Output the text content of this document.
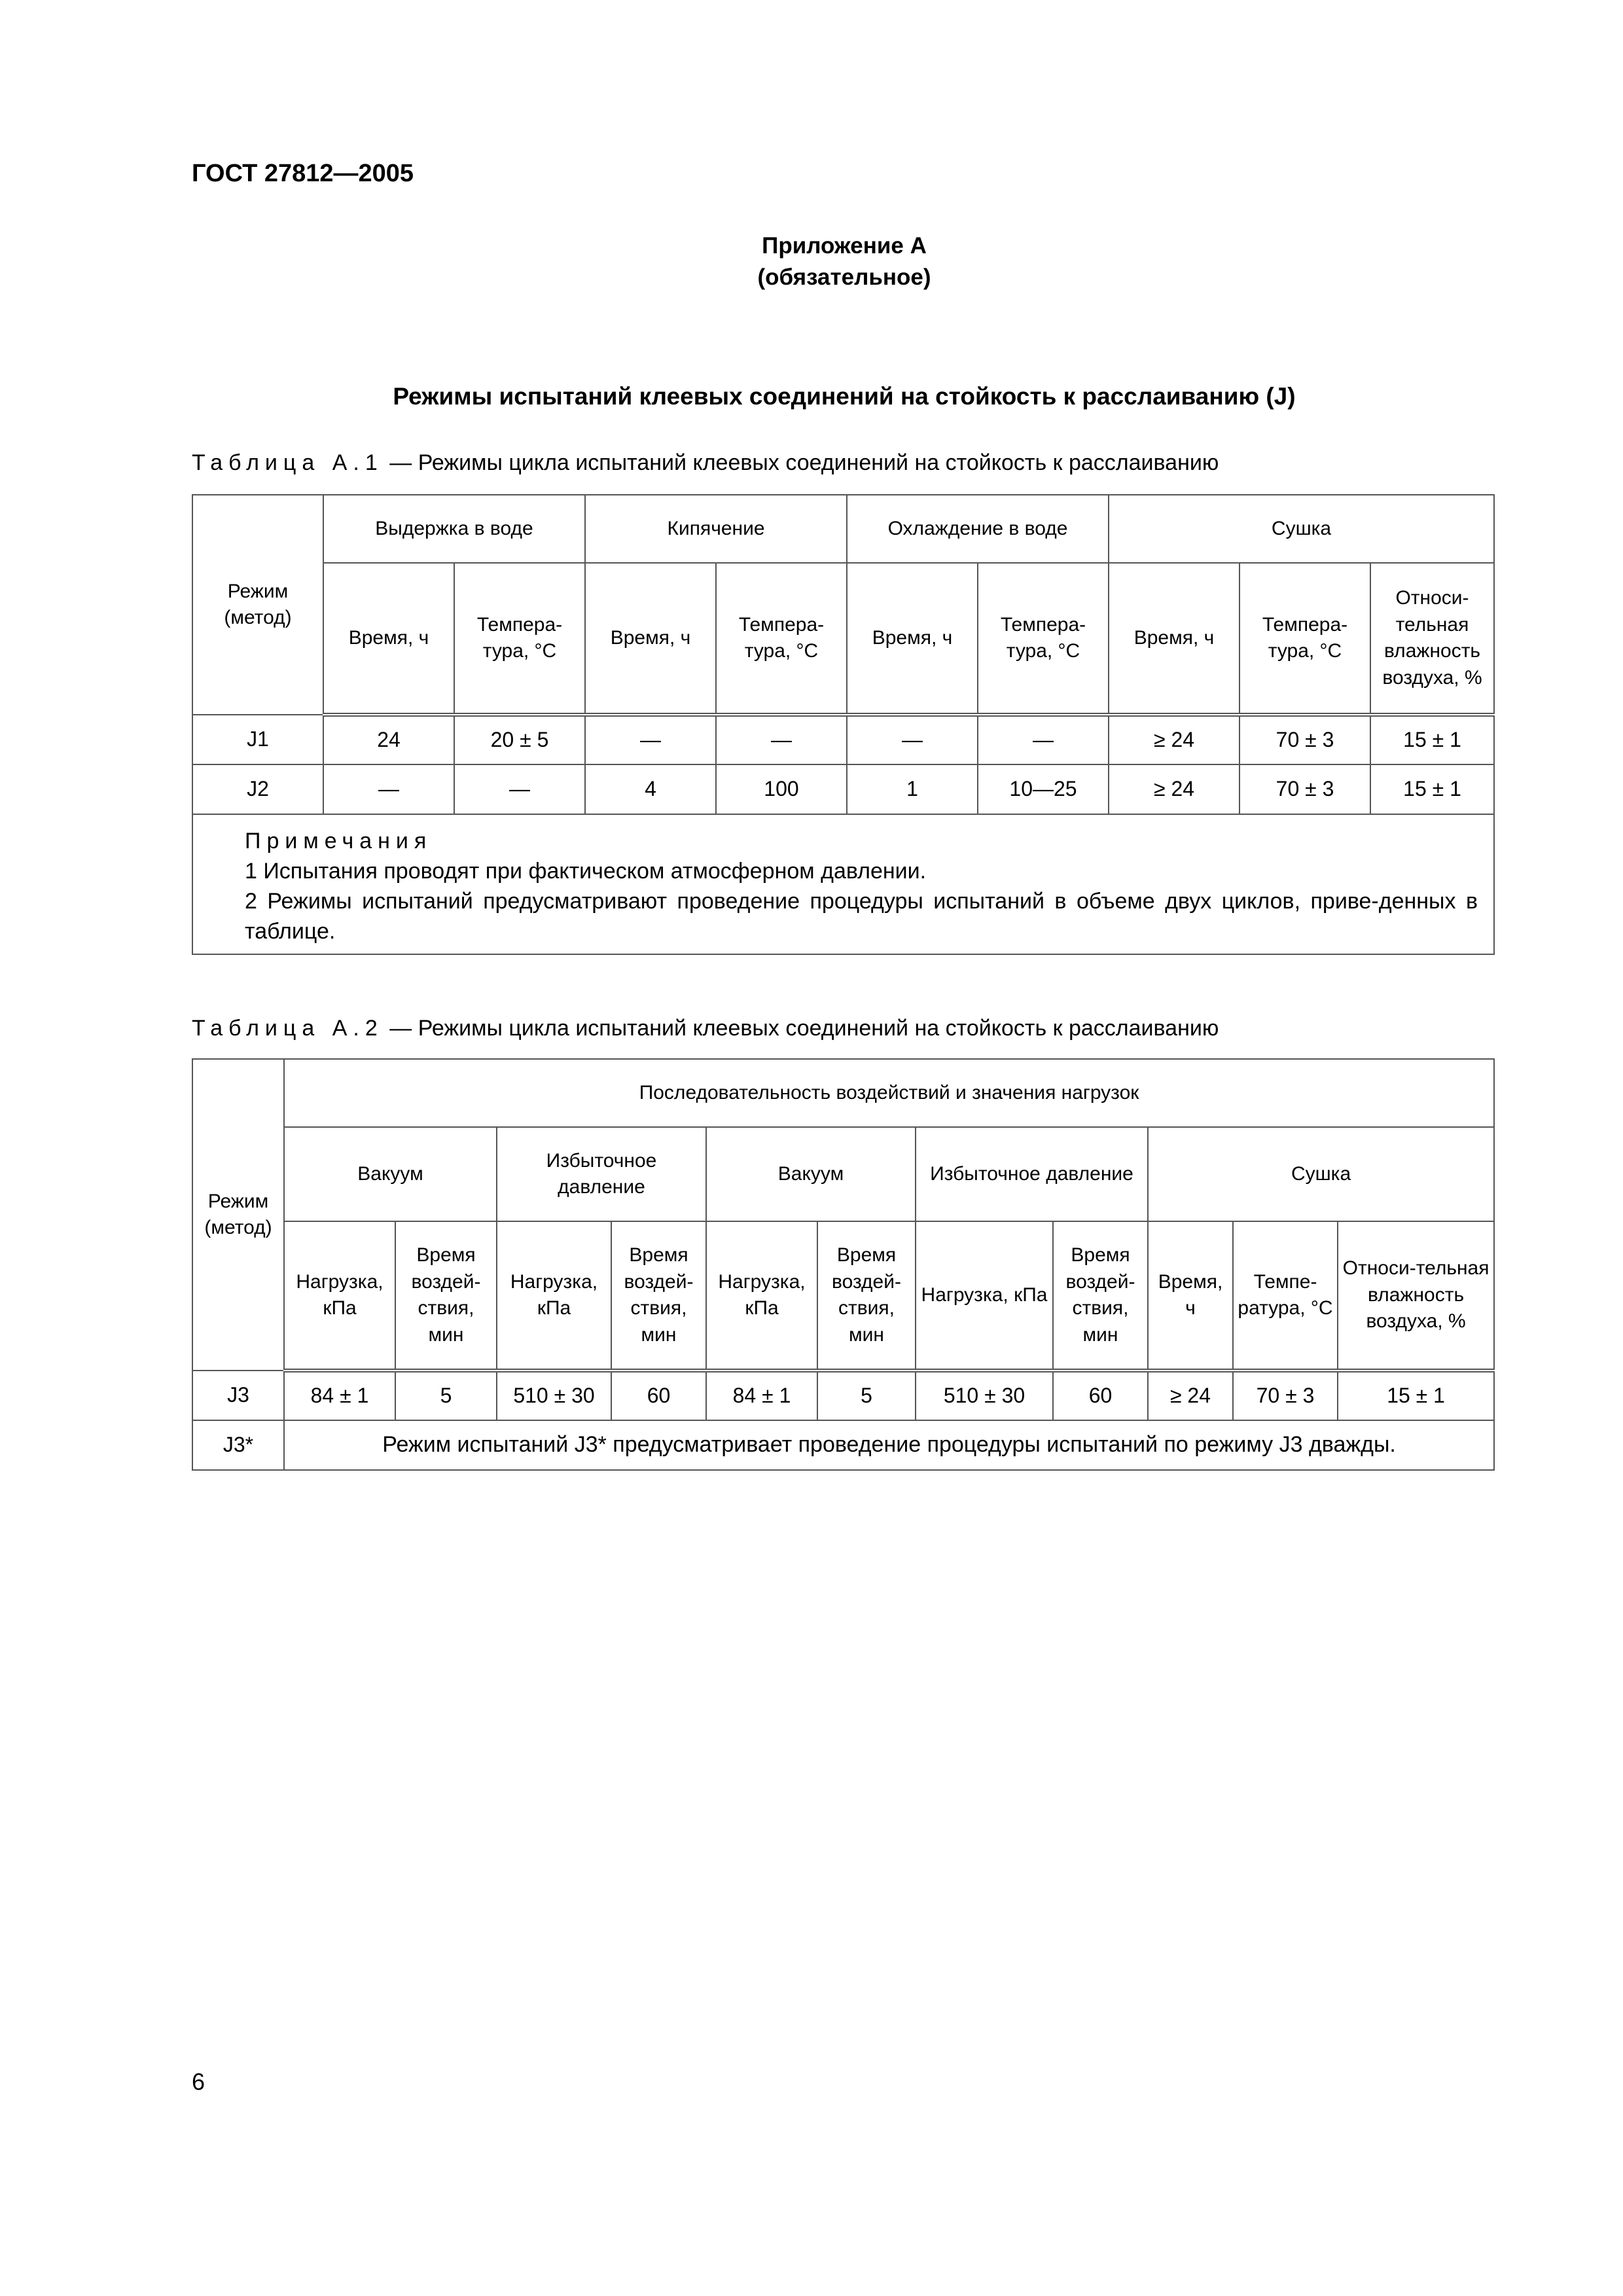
ГОСТ 27812—2005
Приложение А
(обязательное)
Режимы испытаний клеевых соединений на стойкость к расслаиванию (J)
Таблица А.1 — Режимы цикла испытаний клеевых соединений на стойкость к расслаиванию
Режим (метод)	Выдержка в воде		Кипячение		Охлаждение в воде		Сушка		
	Время, ч	Темпера-тура, °С	Время, ч	Темпера-тура, °С	Время, ч	Темпера-тура, °С	Время, ч	Темпера-тура, °С	Относи-тельная влажность воздуха, %
J1	24	20 ± 5	—	—	—	—	≥ 24	70 ± 3	15 ± 1
J2	—	—	4	100	1	10—25	≥ 24	70 ± 3	15 ± 1

Примечания
1 Испытания проводят при фактическом атмосферном давлении.
2 Режимы испытаний предусматривают проведение процедуры испытаний в объеме двух циклов, приве-денных в таблице.									
Таблица А.2 — Режимы цикла испытаний клеевых соединений на стойкость к расслаиванию
Режим (метод)	Последовательность воздействий и значения нагрузок										
	Вакуум		Избыточное давление		Вакуум		Избыточное давление		Сушка		
	Нагрузка, кПа	Время воздей-ствия, мин	Нагрузка, кПа	Время воздей-ствия, мин	Нагрузка, кПа	Время воздей-ствия, мин	Нагрузка, кПа	Время воздей-ствия, мин	Время, ч	Темпе-ратура, °С	Относи-тельная влажность воздуха, %
J3	84 ± 1	5	510 ± 30	60	84 ± 1	5	510 ± 30	60	≥ 24	70 ± 3	15 ± 1
J3*	Режим испытаний J3* предусматривает проведение процедуры испытаний по режиму J3 дважды.										
6
